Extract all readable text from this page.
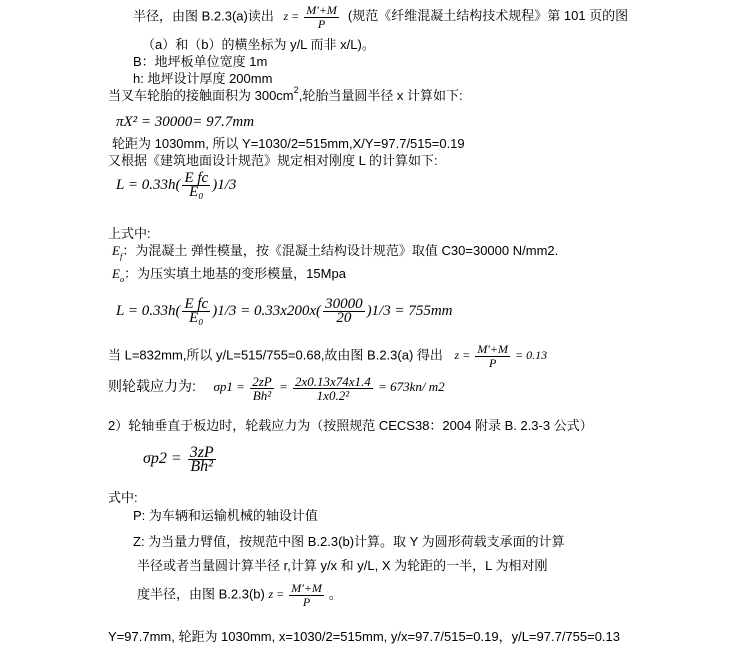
半径，由图 B.2.3(a)读出 $z = \frac{M'+M}{P}$ (规范《纤维混凝土结构技术规程》第 101 页的图
（a）和（b）的横坐标为 y/L 而非 x/L)。
B：地坪板单位宽度 1m
h: 地坪设计厚度 200mm
当叉车轮胎的接触面积为 $300cm^2$,轮胎当量圆半径 x 计算如下:
πX² = 30000= 97.7mm
轮距为 1030mm, 所以 Y=1030/2=515mm,X/Y=97.7/515=0.19
又根据《建筑地面设计规范》规定相对刚度 L 的计算如下:
$L = 0.33h( \frac{\text{E fc}}{\text{E₀}} )1/3$
上式中:
$E_f$：为混凝土 弹性模量，按《混凝土结构设计规范》取值 C30=30000 N/mm2.
$E_o$：为压实填土地基的变形模量，15Mpa
$L = 0.33h( \frac{\text{E fc}}{\text{E₀}} )1/3 = 0.33x200x( \frac{30000}{20} )1/3 = 755mm$
当 L=832mm,所以 y/L=515/755=0.68,故由图 B.2.3(a) 得出 $z = \frac{M'+M}{P} = 0.13$
则轮载应力为: $\sigma p1 = \frac{2zP}{\text{Bh²}} = \frac{2x0.13x74x1.4}{\text{1x0.2²}} = 673kn/$ m2
2）轮轴垂直于板边时，轮载应力为（按照规范 CECS38：2004 附录 B. 2.3-3 公式）
$\sigma p2 = \frac{3zP}{\text{Bh²}}$
式中:
P: 为车辆和运输机械的轴设计值
Z: 为当量力臂值，按规范中图 B.2.3(b)计算。取 Y 为圆形荷载支承面的计算
半径或者当量圆计算半径 r,计算 y/x 和 y/L, X 为轮距的一半，L 为相对刚
度半径，由图 B.2.3(b) $z = \frac{M'+M}{P}$ 。
Y=97.7mm, 轮距为 1030mm, x=1030/2=515mm, y/x=97.7/515=0.19，y/L=97.7/755=0.13
